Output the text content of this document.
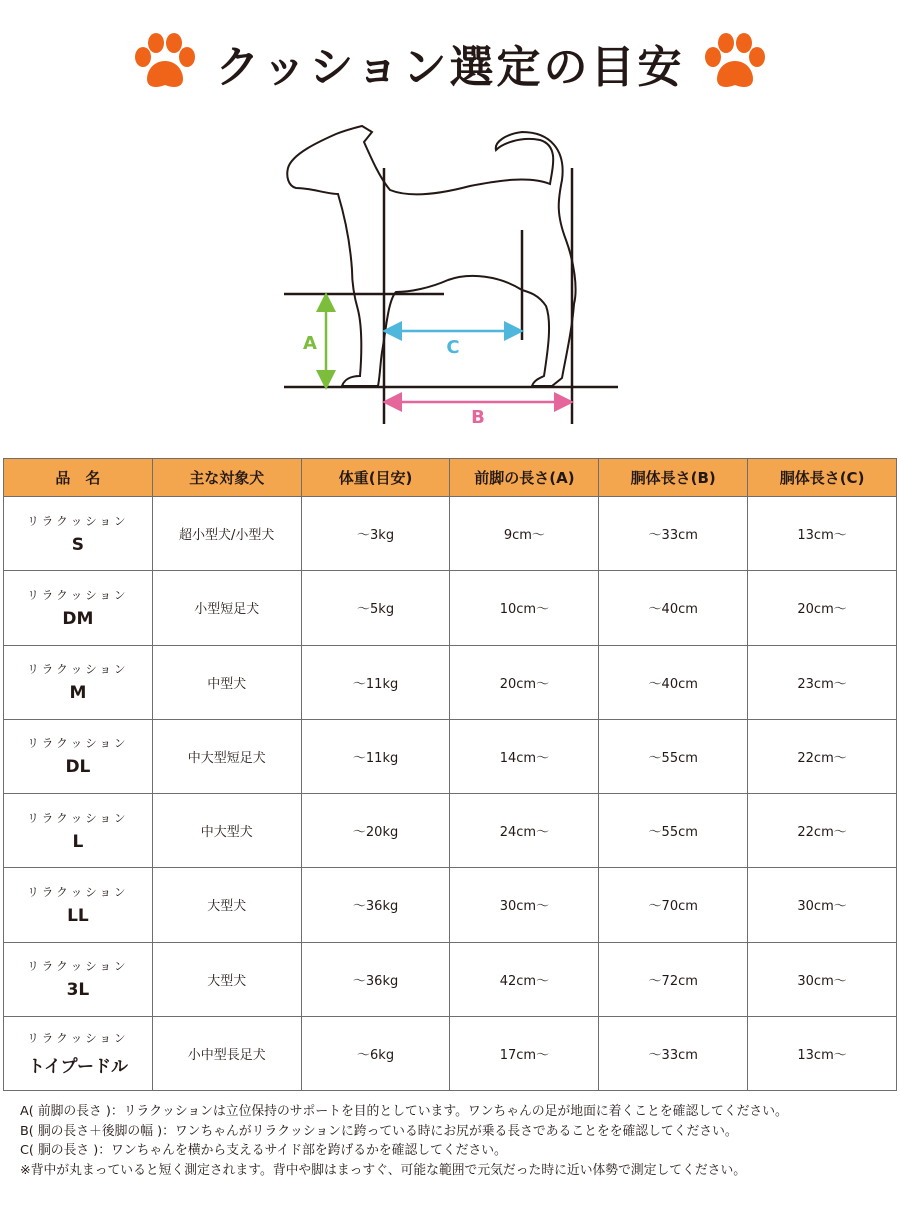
クッション選定の目安
A	C
B
品　名	主な対象犬	体重(目安)	前脚の長さ(A)	胴体長さ(B)	胴体長さ(C)

リラクッション
S	超小型犬/小型犬	〜3kg	9cm〜	〜33cm	13cm〜

リラクッション
DM	小型短足犬	〜5kg	10cm〜	〜40cm	20cm〜

リラクッション
M	中型犬	〜11kg	20cm〜	〜40cm	23cm〜

リラクッション
DL	中大型短足犬	〜11kg	14cm〜	〜55cm	22cm〜

リラクッション
L	中大型犬	〜20kg	24cm〜	〜55cm	22cm〜

リラクッション
LL	大型犬	〜36kg	30cm〜	〜70cm	30cm〜

リラクッション
3L	大型犬	〜36kg	42cm〜	〜72cm	30cm〜

リラクッション
トイプードル	小中型長足犬	〜6kg	17cm〜	〜33cm	13cm〜

A( 前脚の長さ )：リラクッションは立位保持のサポートを目的としています。ワンちゃんの足が地面に着くことを確認してください。

B( 胴の長さ＋後脚の幅 )：ワンちゃんがリラクッションに跨っている時にお尻が乗る長さであることをを確認してください。

C( 胴の長さ )：ワンちゃんを横から支えるサイド部を跨げるかを確認してください。

※背中が丸まっていると短く測定されます。背中や脚はまっすぐ、可能な範囲で元気だった時に近い体勢で測定してください。
